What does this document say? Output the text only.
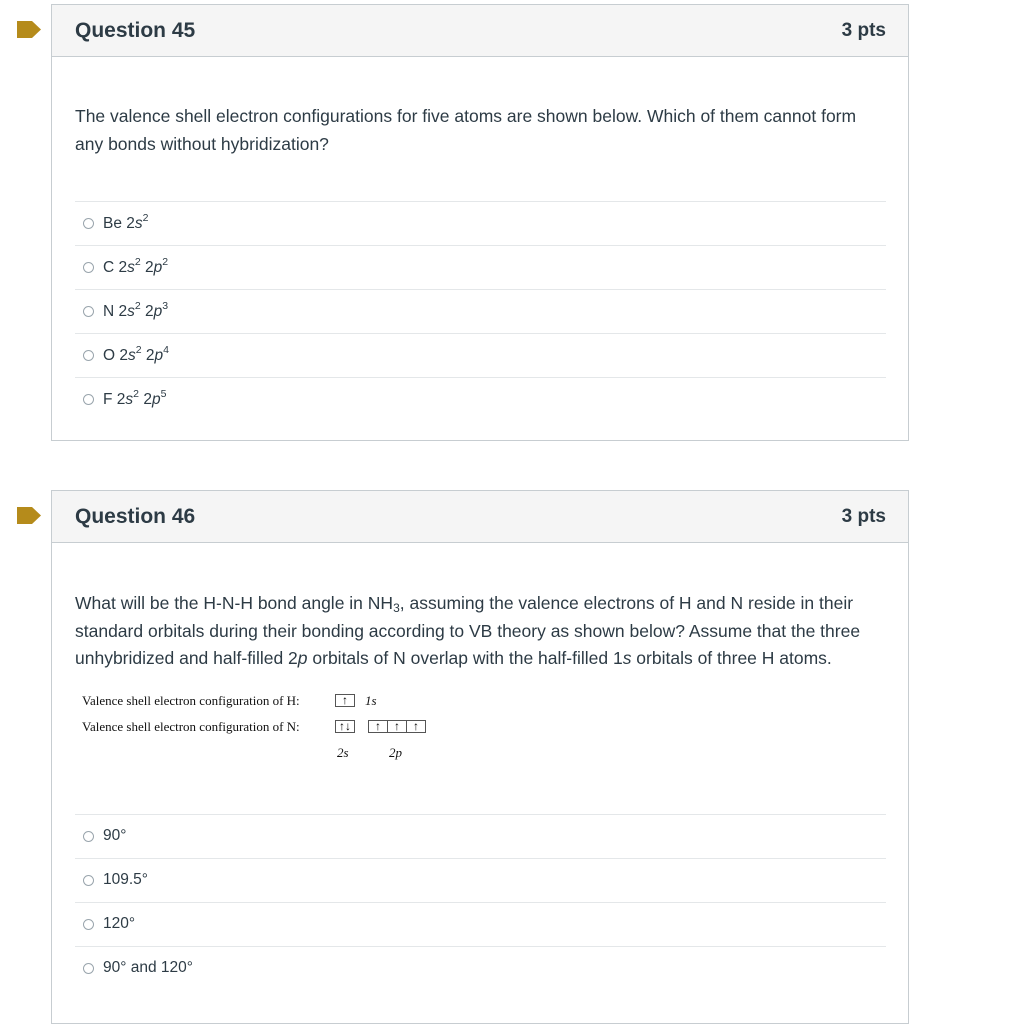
Question 45	3 pts

The valence shell electron configurations for five atoms are shown below. Which of them cannot form any bonds without hybridization?

Be $2s^2$
C $2s^2$ $2p^2$
N $2s^2$ $2p^3$
O $2s^2$ $2p^4$
F $2s^2$ $2p^5$
Question 46	3 pts

What will be the H-N-H bond angle in $NH_3$, assuming the valence electrons of H and N reside in their standard orbitals during their bonding according to VB theory as shown below? Assume that the three unhybridized and half-filled 2p orbitals of N overlap with the half-filled 1s orbitals of three H atoms.

Valence shell electron configuration of H:	↑	1s
Valence shell electron configuration of N:	↑↓	↑	↑	↑
2s	2p
90°
109.5°
120°
90° and 120°
